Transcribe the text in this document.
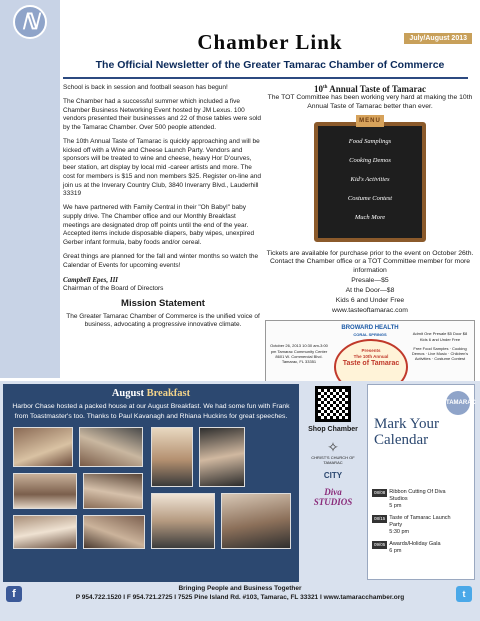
ℕ
July/August 2013
Chamber Link
The Official Newsletter of the Greater Tamarac Chamber of Commerce

School is back in session and football season has begun!

The Chamber had a successful summer which included a five Chamber Business Networking Event hosted by JM Lexus. 100 vendors presented their businesses and 22 of those tables were sold by the Tamarac Chamber. Over 500 people attended.

The 10th Annual Taste of Tamarac is quickly approaching and will be kicked off with a Wine and Cheese Launch Party. Vendors and sponsors will be treated to wine and cheese, heavy Hor D'ourves, beer station, art display by local mid -career artists and more. The cost for members is $15 and non members $25. Register on-line and join us at the Inverary Country Club, 3840 Inverarry Blvd., Lauderhill 33319

We have partnered with Family Central in their "Oh Baby!" baby supply drive. The Chamber office and our Monthly Breakfast meetings are designated drop off points until the end of the year. Accepted items include disposable diapers, baby wipes, unexpired Gerber infant formula, baby foods and/or cereal.

Great things are planned for the fall and winter months so watch the Calendar of Events for upcoming events!

Campbell Epes, III
Chairman of the Board of Directors
Mission Statement
The Greater Tamarac Chamber of Commerce is the unified voice of business, advocating a progressive innovative climate.
10th Annual Taste of Tamarac
The TOT Committee has been working very hard at making the 10th Annual Taste of Tamarac better than ever.
MENU
Food Samplings
Cooking Demos
Kid's Activities
Costume Contest
Much More

Tickets are available for purchase prior to the event on October 26th. Contact the Chamber office or a TOT Committee member for more information

Presale—$5

At the Door—$8

Kids 6 and Under Free

www.tasteoftamarac.com

BROWARD HEALTH
CORAL SPRINGS
October 26, 2013 10:30 am-3:00 pm Tamarac Community Center 8601 W. Commercial Blvd. Tamarac, FL 33351
Presents
The 10th Annual
Taste of Tamarac
Admit One Presale $5 Door $8 Kids 6 and Under Free
Free Food Samples · Cooking Demos · Live Music · Children's Activities · Costume Contest
August Breakfast
Harbor Chase hosted a packed house at our August Breakfast. We had some fun with Frank from Toastmaster's too. Thanks to Paul Kavanagh and Rhiana Huckins for great speeches.
Shop Chamber
✧
CHRIST'S CHURCH OF TAMARAC
CITY
Diva STUDIOS
TAMARAC
Mark Your Calendar
08/08 Ribbon Cutting Of Diva Studios
5 pm
08/15 Taste of Tamarac Launch Party
5:30 pm
09/05 Awards/Holiday Gala
6 pm
f	Bringing People and Business Together
P 954.722.1520 I F 954.721.2725 I 7525 Pine Island Rd. #103, Tamarac, FL 33321 I www.tamaracchamber.org	t
